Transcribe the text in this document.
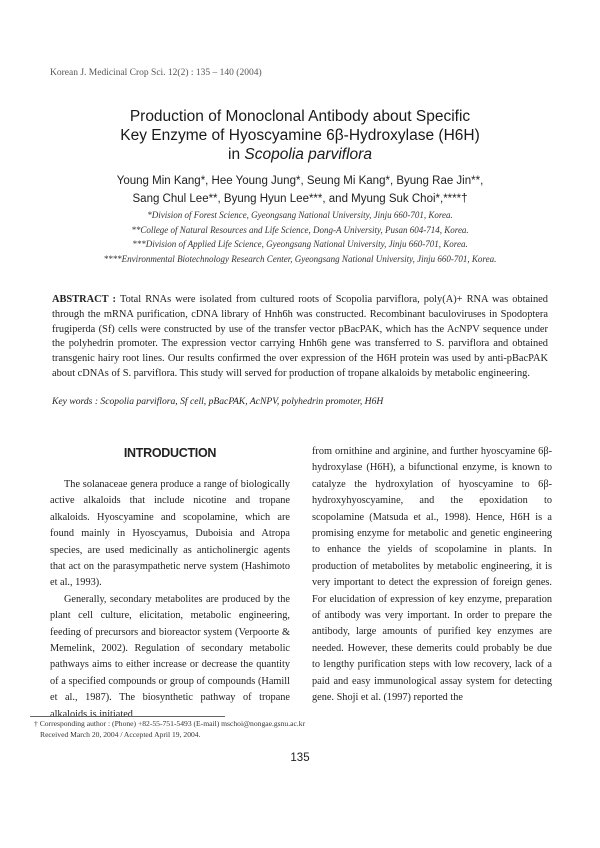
Korean J. Medicinal Crop Sci. 12(2) : 135 – 140 (2004)
Production of Monoclonal Antibody about Specific
Key Enzyme of Hyoscyamine 6β-Hydroxylase (H6H)
in Scopolia parviflora
Young Min Kang*, Hee Young Jung*, Seung Mi Kang*, Byung Rae Jin**,
Sang Chul Lee**, Byung Hyun Lee***, and Myung Suk Choi*,****†
*Division of Forest Science, Gyeongsang National University, Jinju 660-701, Korea.
**College of Natural Resources and Life Science, Dong-A University, Pusan 604-714, Korea.
***Division of Applied Life Science, Gyeongsang National University, Jinju 660-701, Korea.
****Environmental Biotechnology Research Center, Gyeongsang National University, Jinju 660-701, Korea.
ABSTRACT : Total RNAs were isolated from cultured roots of Scopolia parviflora, poly(A)+ RNA was obtained through the mRNA purification, cDNA library of Hnh6h was constructed. Recombinant baculoviruses in Spodoptera frugiperda (Sf) cells were constructed by use of the transfer vector pBacPAK, which has the AcNPV sequence under the polyhedrin promoter. The expression vector carrying Hnh6h gene was transferred to S. parviflora and obtained transgenic hairy root lines. Our results confirmed the over expression of the H6H protein was used by anti-pBacPAK about cDNAs of S. parviflora. This study will served for production of tropane alkaloids by metabolic engineering.
Key words : Scopolia parviflora, Sf cell, pBacPAK, AcNPV, polyhedrin promoter, H6H
INTRODUCTION

The solanaceae genera produce a range of biologically active alkaloids that include nicotine and tropane alkaloids. Hyoscyamine and scopolamine, which are found mainly in Hyoscyamus, Duboisia and Atropa species, are used medicinally as anticholinergic agents that act on the parasympathetic nerve system (Hashimoto et al., 1993).

Generally, secondary metabolites are produced by the plant cell culture, elicitation, metabolic engineering, feeding of precursors and bioreactor system (Verpoorte & Memelink, 2002). Regulation of secondary metabolic pathways aims to either increase or decrease the quantity of a specified compounds or group of compounds (Hamill et al., 1987). The biosynthetic pathway of tropane alkaloids is initiated

from ornithine and arginine, and further hyoscyamine 6β-hydroxylase (H6H), a bifunctional enzyme, is known to catalyze the hydroxylation of hyoscyamine to 6β-hydroxyhyoscyamine, and the epoxidation to scopolamine (Matsuda et al., 1998). Hence, H6H is a promising enzyme for metabolic and genetic engineering to enhance the yields of scopolamine in plants. In production of metabolites by metabolic engineering, it is very important to detect the expression of foreign genes. For elucidation of expression of key enzyme, preparation of antibody was very important. In order to prepare the antibody, large amounts of purified key enzymes are needed. However, these demerits could probably be due to lengthy purification steps with low recovery, lack of a paid and easy immunological assay system for detecting gene. Shoji et al. (1997) reported the

† Corresponding author : (Phone) +82-55-751-5493 (E-mail) mschoi@nongae.gsnu.ac.kr
Received March 20, 2004 / Accepted April 19, 2004.
135
